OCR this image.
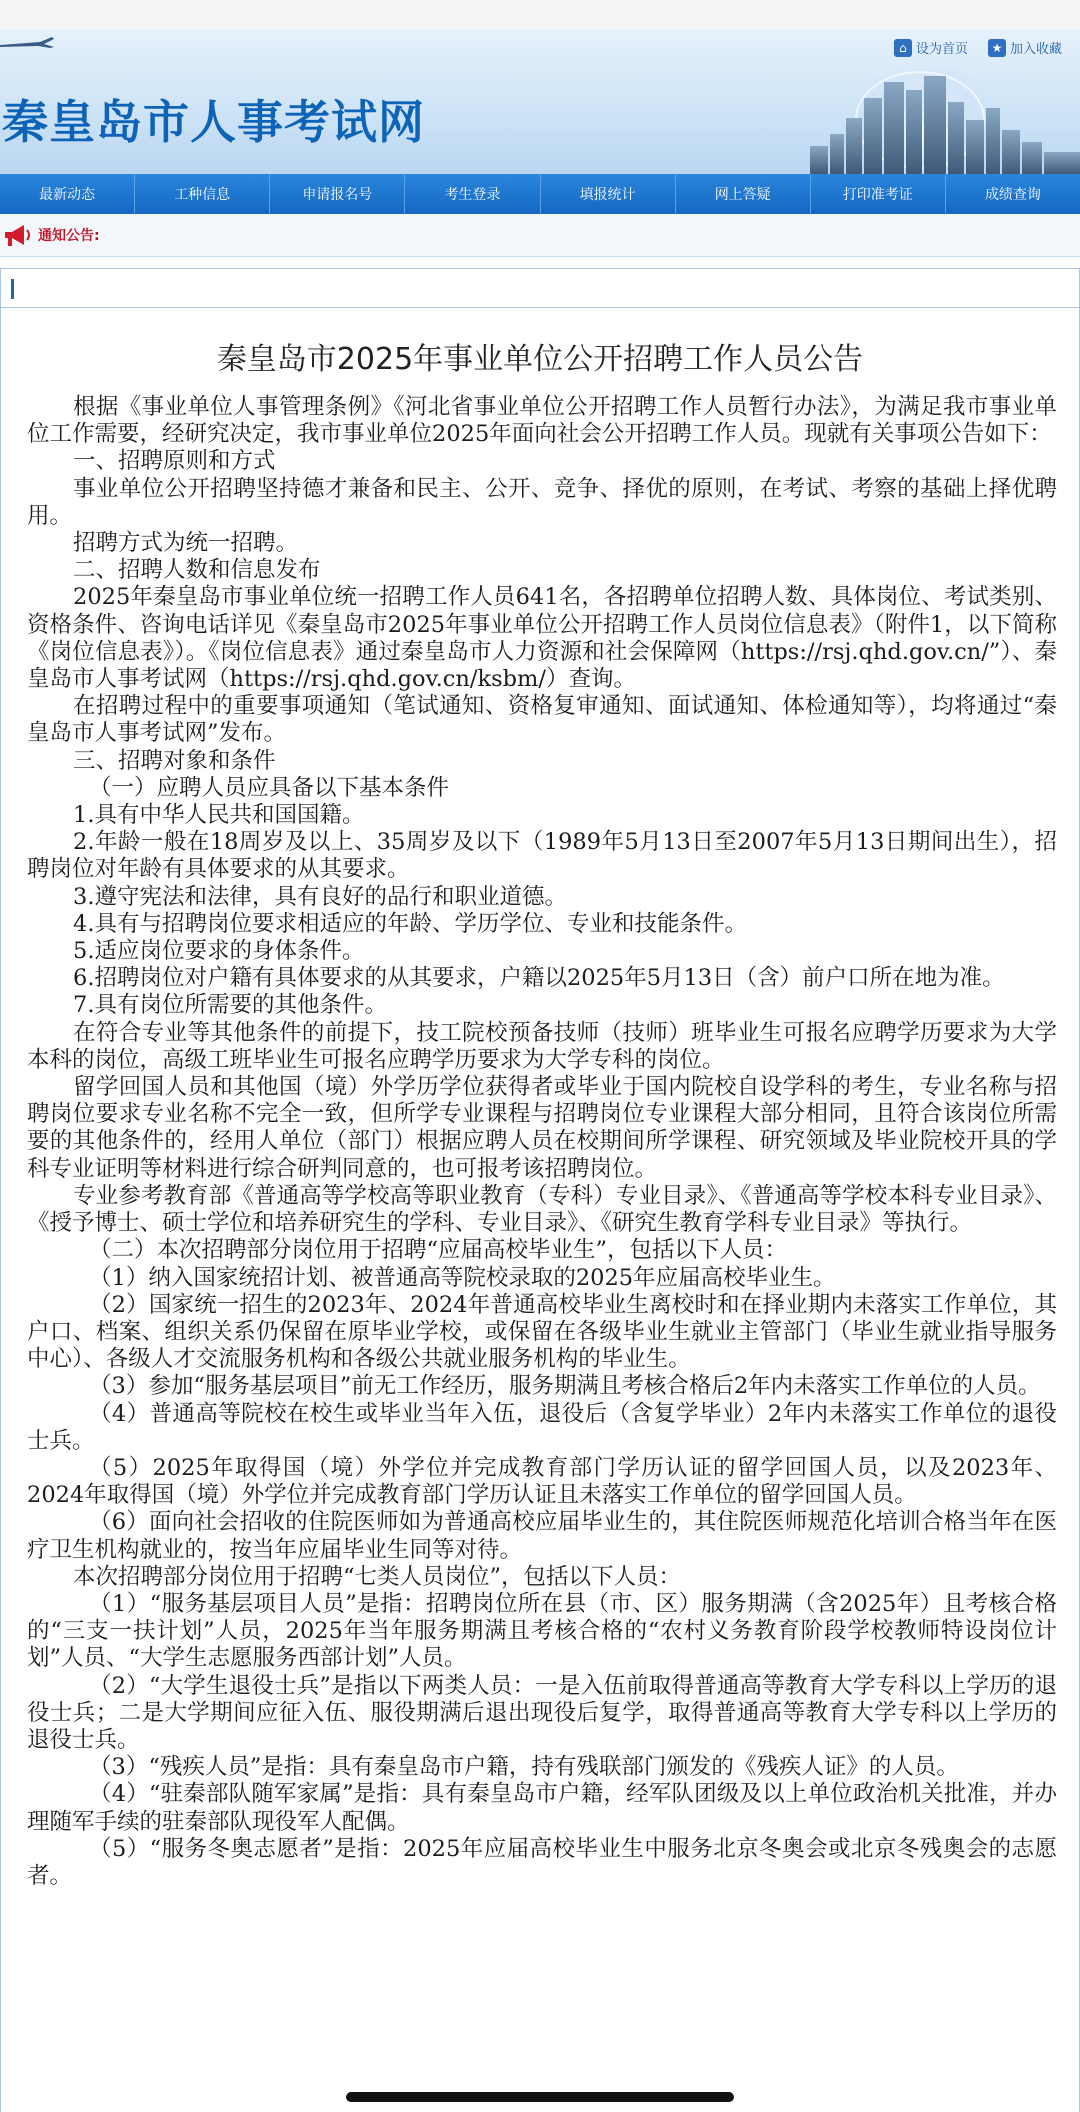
秦皇岛市人事考试网
⌂ 设为首页	★ 加入收藏
最新动态	工种信息	申请报名号	考生登录	填报统计	网上答疑	打印准考证	成绩查询
通知公告:
秦皇岛市2025年事业单位公开招聘工作人员公告

根据《事业单位人事管理条例》《河北省事业单位公开招聘工作人员暂行办法》，为满足我市事业单位工作需要，经研究决定，我市事业单位2025年面向社会公开招聘工作人员。现就有关事项公告如下：

一、招聘原则和方式

事业单位公开招聘坚持德才兼备和民主、公开、竞争、择优的原则，在考试、考察的基础上择优聘用。

招聘方式为统一招聘。

二、招聘人数和信息发布

2025年秦皇岛市事业单位统一招聘工作人员641名，各招聘单位招聘人数、具体岗位、考试类别、资格条件、咨询电话详见《秦皇岛市2025年事业单位公开招聘工作人员岗位信息表》（附件1，以下简称《岗位信息表》）。《岗位信息表》通过秦皇岛市人力资源和社会保障网（https://rsj.qhd.gov.cn/”）、秦皇岛市人事考试网（https://rsj.qhd.gov.cn/ksbm/）查询。

在招聘过程中的重要事项通知（笔试通知、资格复审通知、面试通知、体检通知等），均将通过“秦皇岛市人事考试网”发布。

三、招聘对象和条件

（一）应聘人员应具备以下基本条件

1.具有中华人民共和国国籍。

2.年龄一般在18周岁及以上、35周岁及以下（1989年5月13日至2007年5月13日期间出生），招聘岗位对年龄有具体要求的从其要求。

3.遵守宪法和法律，具有良好的品行和职业道德。

4.具有与招聘岗位要求相适应的年龄、学历学位、专业和技能条件。

5.适应岗位要求的身体条件。

6.招聘岗位对户籍有具体要求的从其要求，户籍以2025年5月13日（含）前户口所在地为准。

7.具有岗位所需要的其他条件。

在符合专业等其他条件的前提下，技工院校预备技师（技师）班毕业生可报名应聘学历要求为大学本科的岗位，高级工班毕业生可报名应聘学历要求为大学专科的岗位。

留学回国人员和其他国（境）外学历学位获得者或毕业于国内院校自设学科的考生，专业名称与招聘岗位要求专业名称不完全一致，但所学专业课程与招聘岗位专业课程大部分相同，且符合该岗位所需要的其他条件的，经用人单位（部门）根据应聘人员在校期间所学课程、研究领域及毕业院校开具的学科专业证明等材料进行综合研判同意的，也可报考该招聘岗位。

专业参考教育部《普通高等学校高等职业教育（专科）专业目录》、《普通高等学校本科专业目录》、《授予博士、硕士学位和培养研究生的学科、专业目录》、《研究生教育学科专业目录》等执行。

（二）本次招聘部分岗位用于招聘“应届高校毕业生”，包括以下人员：

（1）纳入国家统招计划、被普通高等院校录取的2025年应届高校毕业生。

（2）国家统一招生的2023年、2024年普通高校毕业生离校时和在择业期内未落实工作单位，其户口、档案、组织关系仍保留在原毕业学校，或保留在各级毕业生就业主管部门（毕业生就业指导服务中心）、各级人才交流服务机构和各级公共就业服务机构的毕业生。

（3）参加“服务基层项目”前无工作经历，服务期满且考核合格后2年内未落实工作单位的人员。

（4）普通高等院校在校生或毕业当年入伍，退役后（含复学毕业）2年内未落实工作单位的退役士兵。

（5）2025年取得国（境）外学位并完成教育部门学历认证的留学回国人员，以及2023年、2024年取得国（境）外学位并完成教育部门学历认证且未落实工作单位的留学回国人员。

（6）面向社会招收的住院医师如为普通高校应届毕业生的，其住院医师规范化培训合格当年在医疗卫生机构就业的，按当年应届毕业生同等对待。

本次招聘部分岗位用于招聘“七类人员岗位”，包括以下人员：

（1）“服务基层项目人员”是指：招聘岗位所在县（市、区）服务期满（含2025年）且考核合格的“三支一扶计划”人员，2025年当年服务期满且考核合格的“农村义务教育阶段学校教师特设岗位计划”人员、“大学生志愿服务西部计划”人员。

（2）“大学生退役士兵”是指以下两类人员：一是入伍前取得普通高等教育大学专科以上学历的退役士兵；二是大学期间应征入伍、服役期满后退出现役后复学，取得普通高等教育大学专科以上学历的退役士兵。

（3）“残疾人员”是指：具有秦皇岛市户籍，持有残联部门颁发的《残疾人证》的人员。

（4）“驻秦部队随军家属”是指：具有秦皇岛市户籍，经军队团级及以上单位政治机关批准，并办理随军手续的驻秦部队现役军人配偶。

（5）“服务冬奥志愿者”是指：2025年应届高校毕业生中服务北京冬奥会或北京冬残奥会的志愿者。
